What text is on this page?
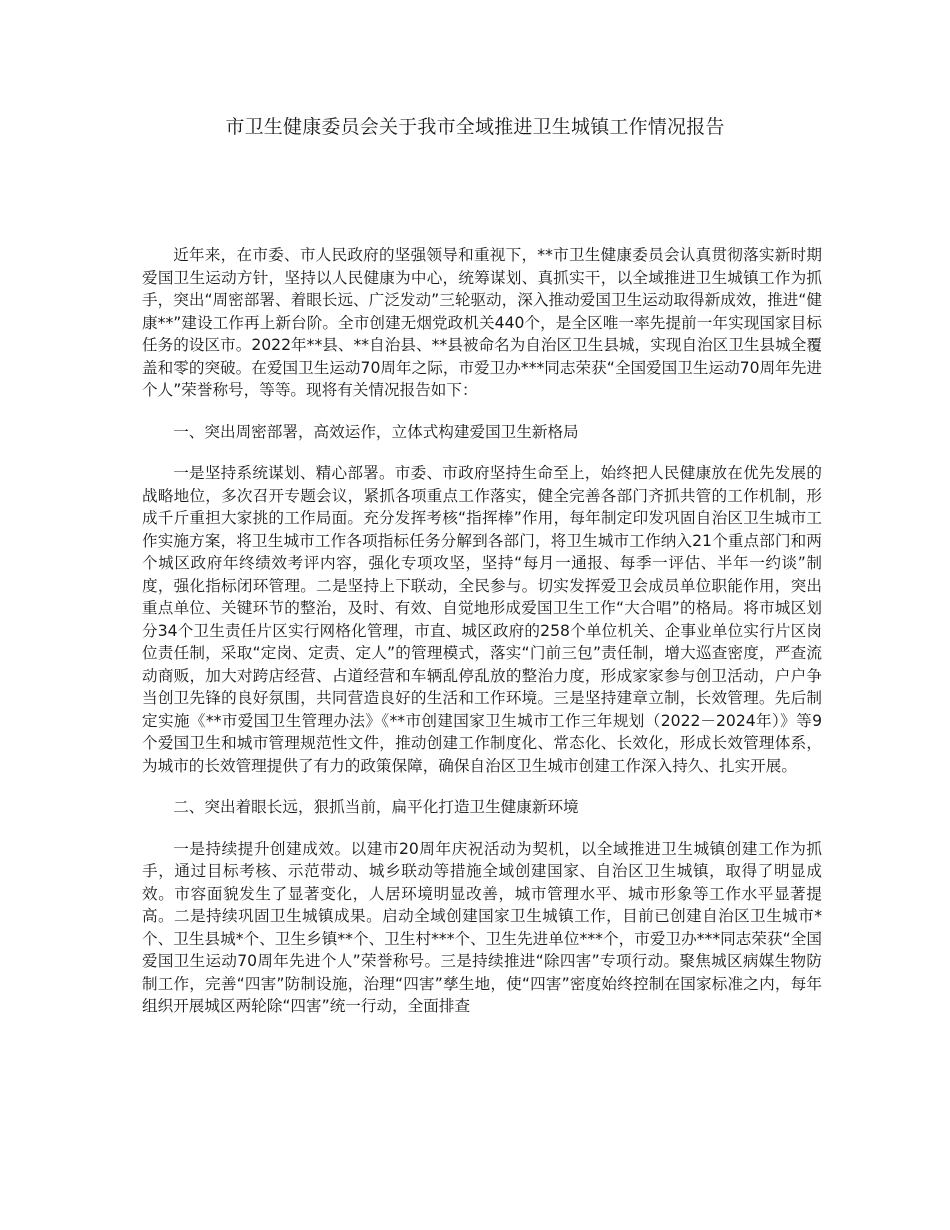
市卫生健康委员会关于我市全域推进卫生城镇工作情况报告

近年来，在市委、市人民政府的坚强领导和重视下，**市卫生健康委员会认真贯彻落实新时期爱国卫生运动方针，坚持以人民健康为中心，统筹谋划、真抓实干，以全域推进卫生城镇工作为抓手，突出“周密部署、着眼长远、广泛发动”三轮驱动，深入推动爱国卫生运动取得新成效，推进“健康**”建设工作再上新台阶。全市创建无烟党政机关440个，是全区唯一率先提前一年实现国家目标任务的设区市。2022年**县、**自治县、**县被命名为自治区卫生县城，实现自治区卫生县城全覆盖和零的突破。在爱国卫生运动70周年之际，市爱卫办***同志荣获“全国爱国卫生运动70周年先进个人”荣誉称号，等等。现将有关情况报告如下：

一、突出周密部署，高效运作，立体式构建爱国卫生新格局

一是坚持系统谋划、精心部署。市委、市政府坚持生命至上，始终把人民健康放在优先发展的战略地位，多次召开专题会议，紧抓各项重点工作落实，健全完善各部门齐抓共管的工作机制，形成千斤重担大家挑的工作局面。充分发挥考核“指挥棒”作用，每年制定印发巩固自治区卫生城市工作实施方案，将卫生城市工作各项指标任务分解到各部门，将卫生城市工作纳入21个重点部门和两个城区政府年终绩效考评内容，强化专项攻坚，坚持“每月一通报、每季一评估、半年一约谈”制度，强化指标闭环管理。二是坚持上下联动，全民参与。切实发挥爱卫会成员单位职能作用，突出重点单位、关键环节的整治，及时、有效、自觉地形成爱国卫生工作“大合唱”的格局。将市城区划分34个卫生责任片区实行网格化管理，市直、城区政府的258个单位机关、企事业单位实行片区岗位责任制，采取“定岗、定责、定人”的管理模式，落实“门前三包”责任制，增大巡查密度，严查流动商贩，加大对跨店经营、占道经营和车辆乱停乱放的整治力度，形成家家参与创卫活动，户户争当创卫先锋的良好氛围，共同营造良好的生活和工作环境。三是坚持建章立制，长效管理。先后制定实施《**市爱国卫生管理办法》《**市创建国家卫生城市工作三年规划（2022－2024年）》等9个爱国卫生和城市管理规范性文件，推动创建工作制度化、常态化、长效化，形成长效管理体系，为城市的长效管理提供了有力的政策保障，确保自治区卫生城市创建工作深入持久、扎实开展。

二、突出着眼长远，狠抓当前，扁平化打造卫生健康新环境

一是持续提升创建成效。以建市20周年庆祝活动为契机，以全域推进卫生城镇创建工作为抓手，通过目标考核、示范带动、城乡联动等措施全域创建国家、自治区卫生城镇，取得了明显成效。市容面貌发生了显著变化，人居环境明显改善，城市管理水平、城市形象等工作水平显著提高。二是持续巩固卫生城镇成果。启动全域创建国家卫生城镇工作，目前已创建自治区卫生城市*个、卫生县城*个、卫生乡镇**个、卫生村***个、卫生先进单位***个，市爱卫办***同志荣获“全国爱国卫生运动70周年先进个人”荣誉称号。三是持续推进“除四害”专项行动。聚焦城区病媒生物防制工作，完善“四害”防制设施，治理“四害”孳生地，使“四害”密度始终控制在国家标准之内，每年组织开展城区两轮除“四害”统一行动，全面排查
